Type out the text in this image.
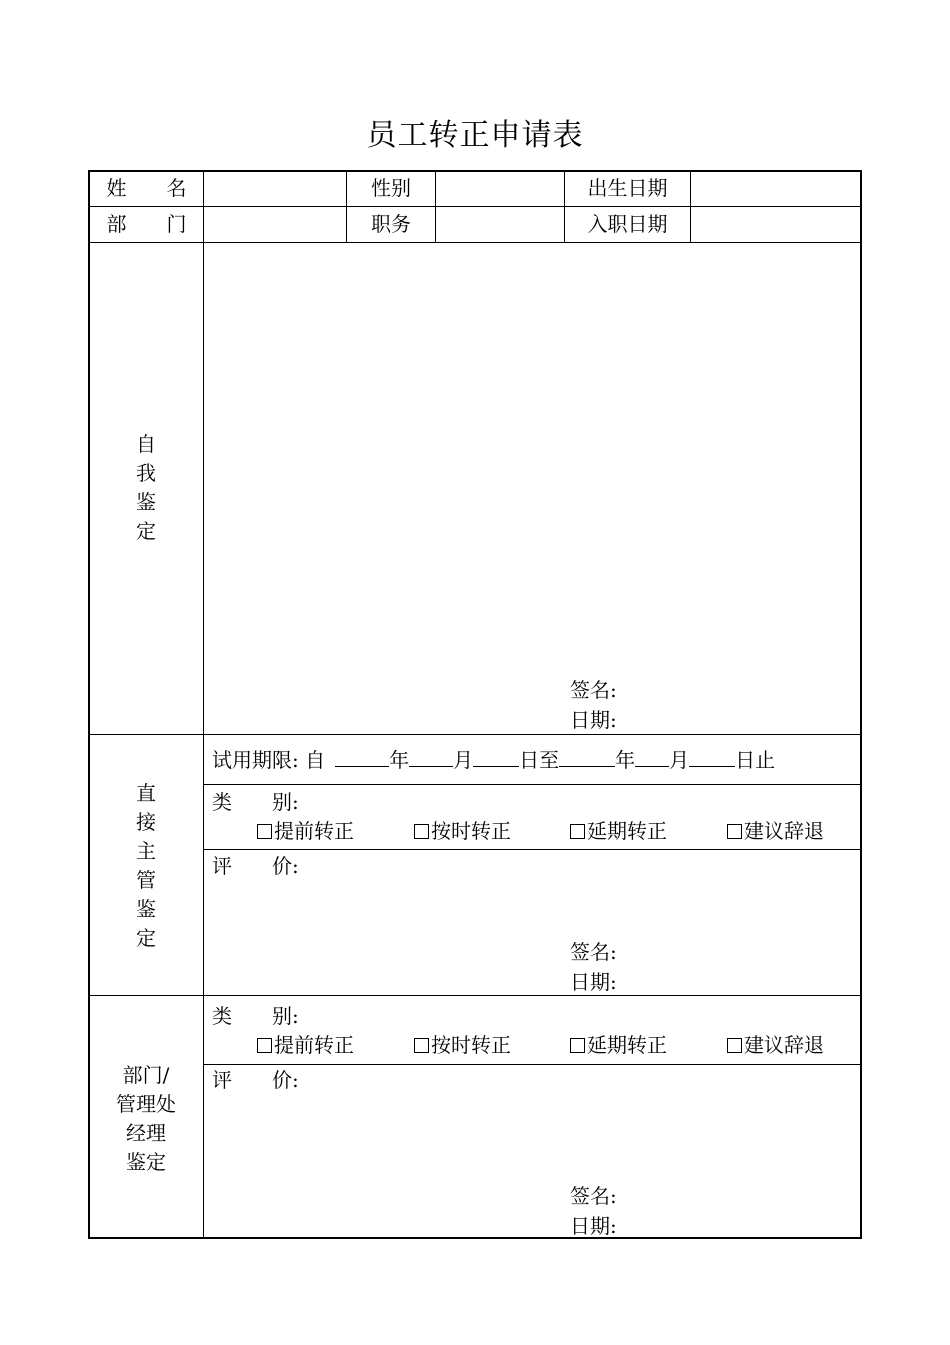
员工转正申请表
姓　　名	性别	出生日期
部　　门	职务	入职日期
自
我
鉴
定
签名:
日期:
直
接
主
管
鉴
定
试用期限: 自	年 月 日至	年 月 日止
类　　别:
提前转正	按时转正	延期转正	建议辞退
评　　价:
签名:
日期:
部门/
管理处
经理
鉴定
类　　别:
提前转正	按时转正	延期转正	建议辞退
评　　价:
签名:
日期:
